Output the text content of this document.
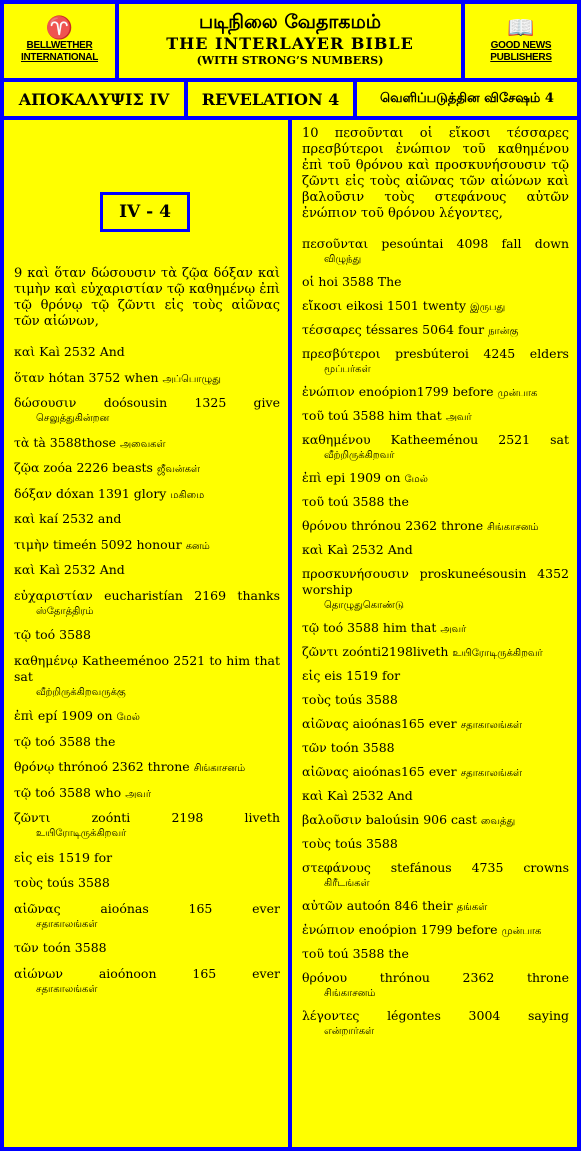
♈
BELLWETHER
INTERNATIONAL
படிநிலை வேதாகமம்
THE INTERLAYER BIBLE
(WITH STRONG’S NUMBERS)
📖
GOOD NEWS
PUBLISHERS
ΑΠΟΚΑΛΥΨΙΣ IV	REVELATION 4	வெளிப்படுத்தின விசேஷம் 4
IV - 4

9 καὶ ὅταν δώσουσιν τὰ ζῷα δόξαν καὶ τιμὴν καὶ εὐχαριστίαν τῷ καθημένῳ ἐπὶ τῷ θρόνῳ τῷ ζῶντι εἰς τοὺς αἰῶνας τῶν αἰώνων,

καὶ Kaì 2532 And

ὅταν hótan 3752 when அப்பொழுது

δώσουσιν doósousin 1325 give
செலுத்துகின்றன

τὰ tà 3588those அவைகள்

ζῷα zoóa 2226 beasts ஜீவன்கள்

δόξαν dóxan 1391 glory மகிமை

καὶ kaí 2532 and

τιμὴν timeén 5092 honour கனம்

καὶ Kaì 2532 And

εὐχαριστίαν eucharistían 2169 thanks
ஸ்தோத்திரம்

τῷ toó 3588

καθημένῳ Katheeménoo 2521 to him that sat
வீற்றிருக்கிறவருக்கு

ἐπὶ epí 1909 on மேல்

τῷ toó 3588 the

θρόνῳ thrónoó 2362 throne சிங்காசனம்

τῷ toó 3588 who அவர்

ζῶντι	zoónti 2198 liveth
உயிரோடிருக்கிறவர்

εἰς eis 1519 for

τοὺς toús 3588

αἰῶνας	aioónas 165 ever
சதாகாலங்கள்

τῶν toón 3588

αἰώνων	aioónoon 165 ever
சதாகாலங்கள்

10 πεσοῦνται οἱ εἴκοσι τέσσαρες πρεσβύτεροι ἐνώπιον τοῦ καθημένου ἐπὶ τοῦ θρόνου καὶ προσκυνήσουσιν τῷ ζῶντι εἰς τοὺς αἰῶνας τῶν αἰώνων καὶ βαλοῦσιν τοὺς στεφάνους αὐτῶν ἐνώπιον τοῦ θρόνου λέγοντες,

πεσοῦνται pesoúntai 4098 fall down
விழுந்து

οἱ hoi 3588 The

εἴκοσι eikosi 1501 twenty இருபது

τέσσαρες téssares 5064 four நான்கு

πρεσβύτεροι presbúteroi 4245 elders
மூப்பர்கள்

ἐνώπιον enoópion1799 before முன்பாக

τοῦ toú 3588 him that அவர்

καθημένου Katheeménou 2521 sat
வீற்றிருக்கிறவர்

ἐπὶ epi 1909 on மேல்

τοῦ toú 3588 the

θρόνου thrónou 2362 throne சிங்காசனம்

καὶ Kaì 2532 And

προσκυνήσουσιν proskuneésousin 4352 worship
தொழுதுகொண்டு

τῷ toó 3588 him that அவர்

ζῶντι zoónti2198liveth உயிரோடிருக்கிறவர்

εἰς eis 1519 for

τοὺς toús 3588

αἰῶνας aioónas165 ever சதாகாலங்கள்

τῶν toón 3588

αἰῶνας aioónas165 ever சதாகாலங்கள்

καὶ Kaì 2532 And

βαλοῦσιν baloúsin 906 cast வைத்து

τοὺς toús 3588

στεφάνους stefánous 4735 crowns
கிரீடங்கள்

αὐτῶν autoón 846 their தங்கள்

ἐνώπιον enoópion 1799 before முன்பாக

τοῦ toú 3588 the

θρόνου	thrónou 2362 throne
சிங்காசனம்

λέγοντες légontes 3004 saying
என்றார்கள்
